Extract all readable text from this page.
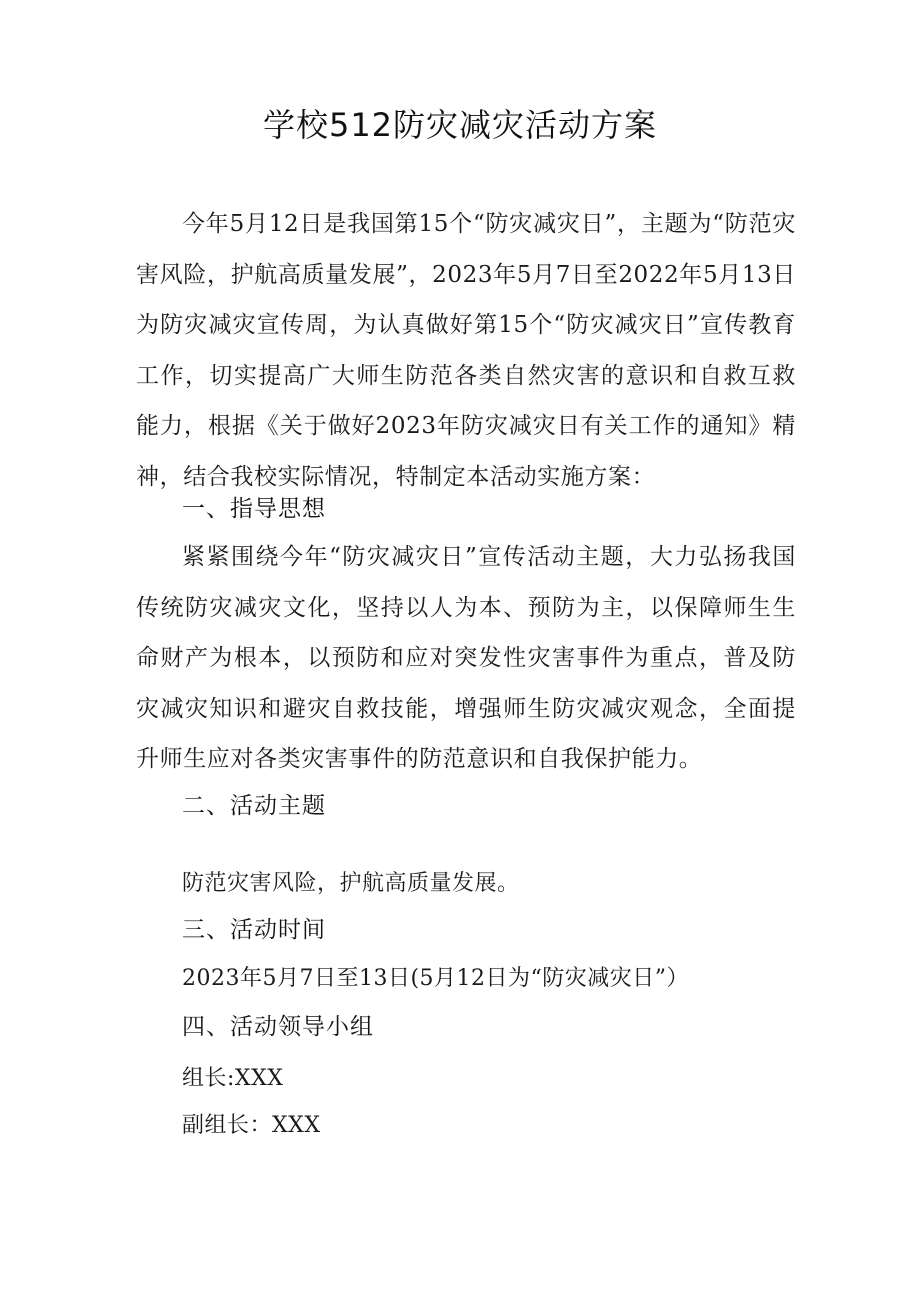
学校512防灾减灾活动方案
今年5月12日是我国第15个“防灾减灾日”，主题为“防范灾害风险，护航高质量发展”，2023年5月7日至2022年5月13日为防灾减灾宣传周，为认真做好第15个“防灾减灾日”宣传教育工作，切实提高广大师生防范各类自然灾害的意识和自救互救能力，根据《关于做好2023年防灾减灾日有关工作的通知》精神，结合我校实际情况，特制定本活动实施方案：
一、指导思想
紧紧围绕今年“防灾减灾日”宣传活动主题，大力弘扬我国传统防灾减灾文化，坚持以人为本、预防为主，以保障师生生命财产为根本，以预防和应对突发性灾害事件为重点，普及防灾减灾知识和避灾自救技能，增强师生防灾减灾观念，全面提升师生应对各类灾害事件的防范意识和自我保护能力。
二、活动主题
防范灾害风险，护航高质量发展。
三、活动时间
2023年5月7日至13日(5月12日为“防灾减灾日”）
四、活动领导小组
组长:XXX
副组长：XXX
